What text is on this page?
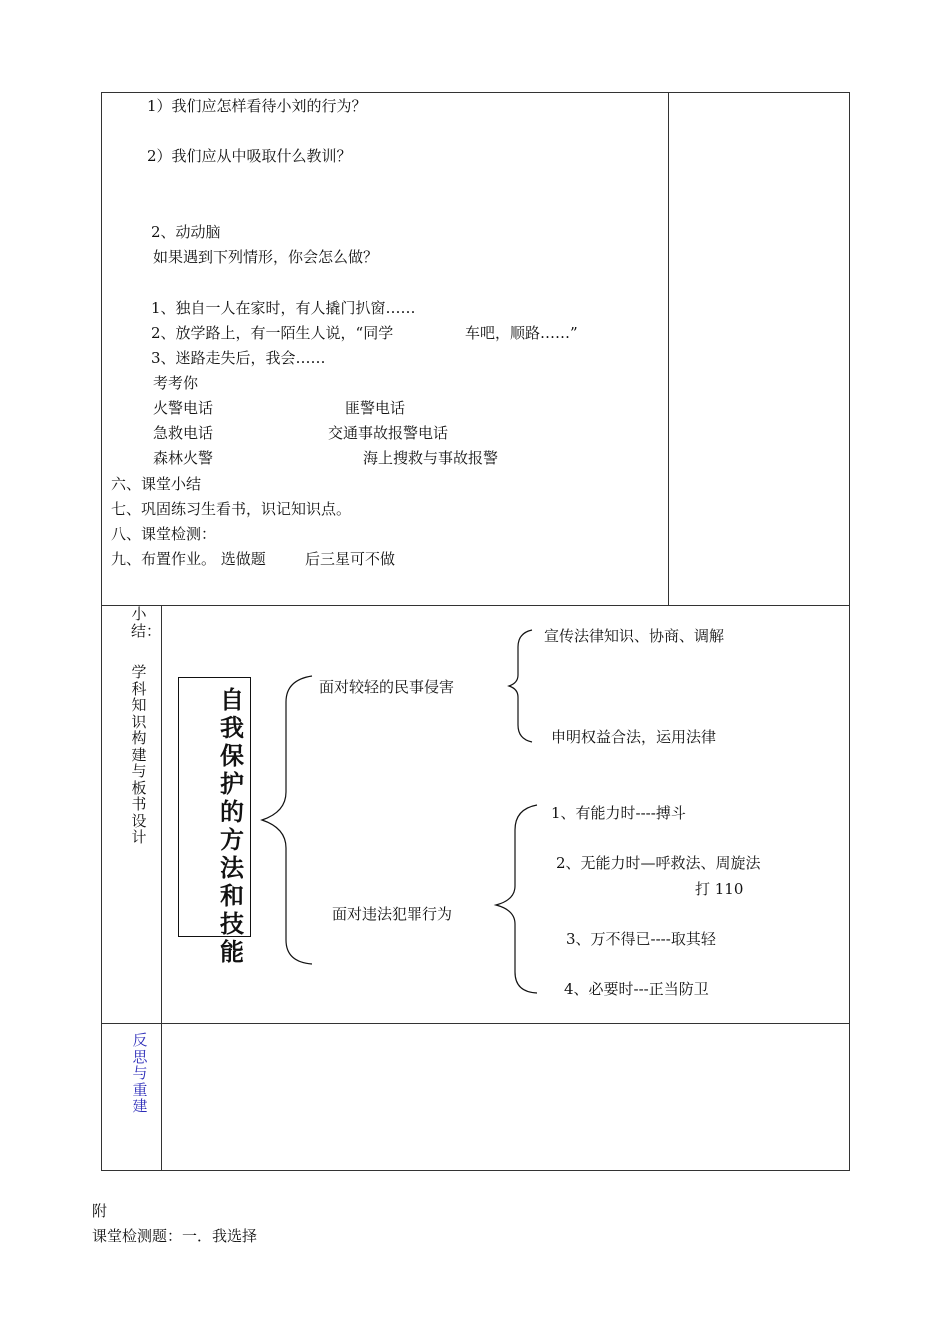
1）我们应怎样看待小刘的行为？
2）我们应从中吸取什么教训？
2、动动脑
如果遇到下列情形，你会怎么做？
1、独自一人在家时，有人撬门扒窗……
2、放学路上，有一陌生人说，“同学	车吧，顺路……”
3、迷路走失后，我会……
考考你
火警电话	匪警电话
急救电话	交通事故报警电话
森林火警	海上搜救与事故报警
六、课堂小结
七、巩固练习生看书，识记知识点。
八、课堂检测：
九、布置作业。 选做题	后三星可不做
小结：
学科知识构建与板书设计
自我保护的方法和技能
面对较轻的民事侵害
宣传法律知识、协商、调解
申明权益合法，运用法律
面对违法犯罪行为
1、有能力时----搏斗
2、无能力时—呼救法、周旋法
打 110
3、万不得已----取其轻
4、必要时---正当防卫
反思与重建
附
课堂检测题：一．我选择
